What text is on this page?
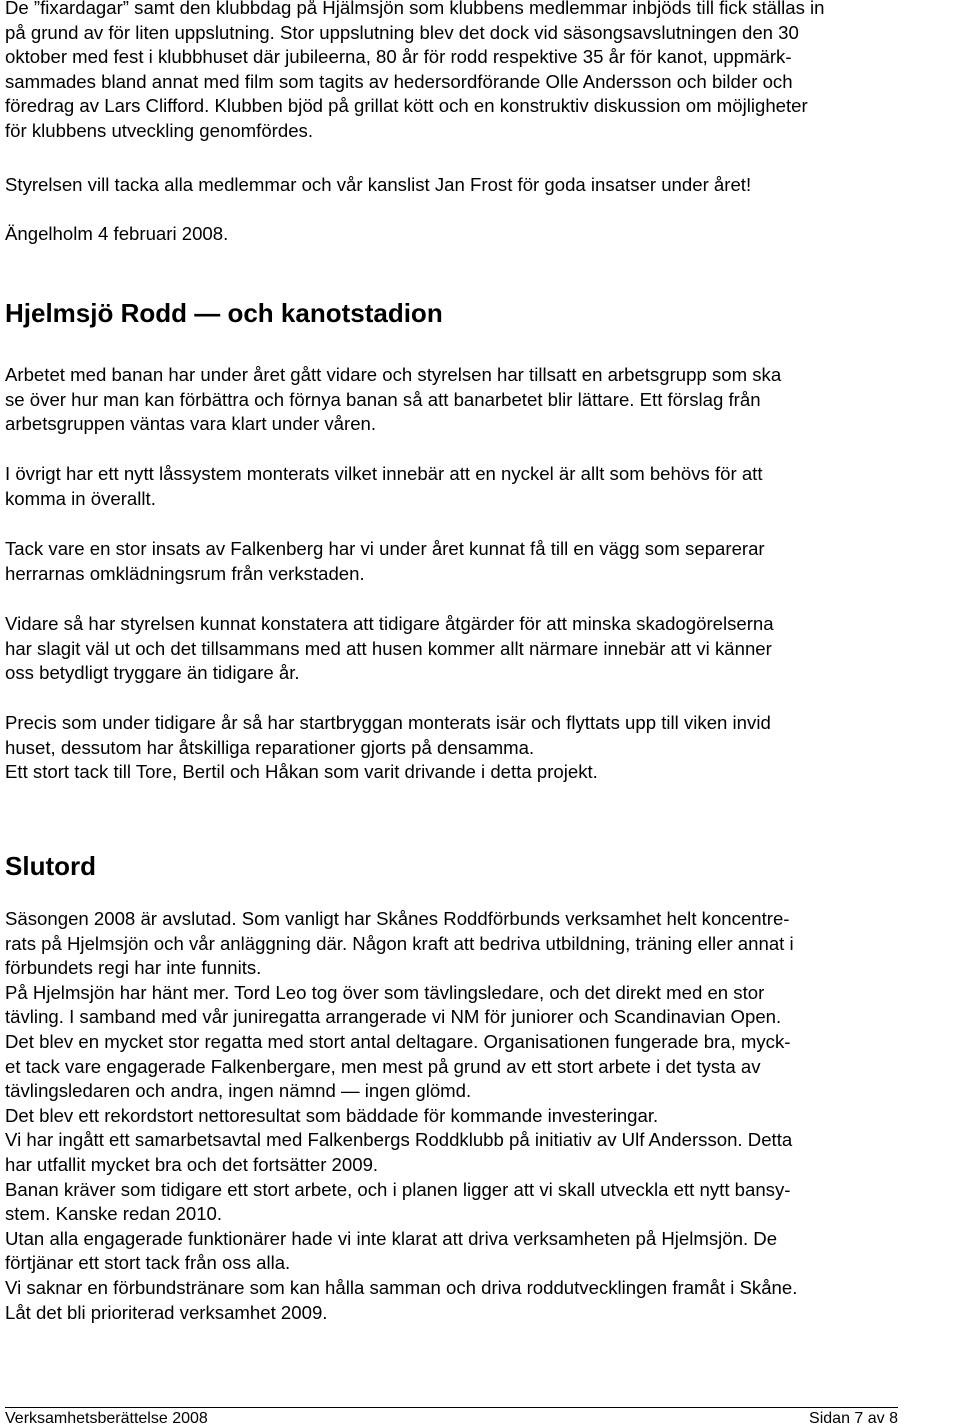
De ”fixardagar” samt den klubbdag på Hjälmsjön som klubbens medlemmar inbjöds till fick ställas in
på grund av för liten uppslutning. Stor uppslutning blev det dock vid säsongsavslutningen den 30
oktober med fest i klubbhuset där jubileerna, 80 år för rodd respektive 35 år för kanot, uppmärk-
sammades bland annat med film som tagits av hedersordförande Olle Andersson och bilder och
föredrag av Lars Clifford. Klubben bjöd på grillat kött och en konstruktiv diskussion om möjligheter
för klubbens utveckling genomfördes.

Styrelsen vill tacka alla medlemmar och vår kanslist Jan Frost för goda insatser under året!

Ängelholm 4 februari 2008.

Hjelmsjö Rodd — och kanotstadion

Arbetet med banan har under året gått vidare och styrelsen har tillsatt en arbetsgrupp som ska
se över hur man kan förbättra och förnya banan så att banarbetet blir lättare. Ett förslag från
arbetsgruppen väntas vara klart under våren.

I övrigt har ett nytt låssystem monterats vilket innebär att en nyckel är allt som behövs för att
komma in överallt.

Tack vare en stor insats av Falkenberg har vi under året kunnat få till en vägg som separerar
herrarnas omklädningsrum från verkstaden.

Vidare så har styrelsen kunnat konstatera att tidigare åtgärder för att minska skadogörelserna
har slagit väl ut och det tillsammans med att husen kommer allt närmare innebär att vi känner
oss betydligt tryggare än tidigare år.

Precis som under tidigare år så har startbryggan monterats isär och flyttats upp till viken invid
huset, dessutom har åtskilliga reparationer gjorts på densamma.
Ett stort tack till Tore, Bertil och Håkan som varit drivande i detta projekt.

Slutord

Säsongen 2008 är avslutad. Som vanligt har Skånes Roddförbunds verksamhet helt koncentre-
rats på Hjelmsjön och vår anläggning där. Någon kraft att bedriva utbildning, träning eller annat i
förbundets regi har inte funnits.
På Hjelmsjön har hänt mer. Tord Leo tog över som tävlingsledare, och det direkt med en stor
tävling. I samband med vår juniregatta arrangerade vi NM för juniorer och Scandinavian Open.
Det blev en mycket stor regatta med stort antal deltagare. Organisationen fungerade bra, myck-
et tack vare engagerade Falkenbergare, men mest på grund av ett stort arbete i det tysta av
tävlingsledaren och andra, ingen nämnd — ingen glömd.
Det blev ett rekordstort nettoresultat som bäddade för kommande investeringar.
Vi har ingått ett samarbetsavtal med Falkenbergs Roddklubb på initiativ av Ulf Andersson. Detta
har utfallit mycket bra och det fortsätter 2009.
Banan kräver som tidigare ett stort arbete, och i planen ligger att vi skall utveckla ett nytt bansy-
stem. Kanske redan 2010.
Utan alla engagerade funktionärer hade vi inte klarat att driva verksamheten på Hjelmsjön. De
förtjänar ett stort tack från oss alla.
Vi saknar en förbundstränare som kan hålla samman och driva roddutvecklingen framåt i Skåne.
Låt det bli prioriterad verksamhet 2009.

Verksamhetsberättelse 2008	Sidan 7 av 8
